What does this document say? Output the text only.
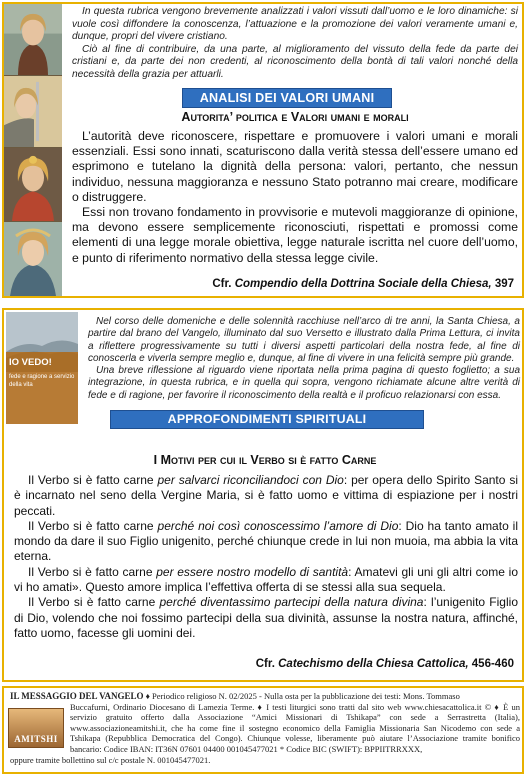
In questa rubrica vengono brevemente analizzati i valori vissuti dall’uomo e le loro dinamiche: si vuole così diffondere la conoscenza, l’attuazione e la promozione dei valori veramente umani e, dunque, propri del vivere cristiano.

Ciò al fine di contribuire, da una parte, al miglioramento del vissuto della fede da parte dei cristiani e, da parte dei non credenti, al riconoscimento della bontà di tali valori nonché della necessità della grazia per attuarli.

ANALISI DEI VALORI UMANI
Autorita’ politica e Valori umani e morali

L’autorità deve riconoscere, rispettare e promuovere i valori umani e morali essenziali. Essi sono innati, scaturiscono dalla verità stessa dell’essere umano ed esprimono e tutelano la dignità della persona: valori, pertanto, che nessun individuo, nessuna maggioranza e nessuno Stato potranno mai creare, modificare o distruggere.

Essi non trovano fondamento in provvisorie e mutevoli maggioranze di opinione, ma devono essere semplicemente riconosciuti, rispettati e promossi come elementi di una legge morale obiettiva, legge naturale iscritta nel cuore dell’uomo, e punto di riferimento normativo della stessa legge civile.

Cfr. Compendio della Dottrina Sociale della Chiesa, 397
IO VEDO!
fede e ragione a servizio della vita

Nel corso delle domeniche e delle solennità racchiuse nell’arco di tre anni, la Santa Chiesa, a partire dal brano del Vangelo, illuminato dal suo Versetto e illustrato dalla Prima Lettura, ci invita a riflettere progressivamente su tutti i diversi aspetti particolari della nostra fede, al fine di conoscerla e viverla sempre meglio e, dunque, al fine di vivere in una felicità sempre più grande.

Una breve riflessione al riguardo viene riportata nella prima pagina di questo foglietto; a sua integrazione, in questa rubrica, e in quella qui sopra, vengono richiamate alcune altre verità di fede e di ragione, per favorire il riconoscimento della realtà e il proficuo relazionarsi con essa.

APPROFONDIMENTI SPIRITUALI
I Motivi per cui il Verbo si è fatto Carne

Il Verbo si è fatto carne per salvarci riconciliandoci con Dio: per opera dello Spirito Santo si è incarnato nel seno della Vergine Maria, si è fatto uomo e vittima di espiazione per i nostri peccati.

Il Verbo si è fatto carne perché noi così conoscessimo l’amore di Dio: Dio ha tanto amato il mondo da dare il suo Figlio unigenito, perché chiunque crede in lui non muoia, ma abbia la vita eterna.

Il Verbo si è fatto carne per essere nostro modello di santità: Amatevi gli uni gli altri come io vi ho amati». Questo amore implica l’effettiva offerta di se stessi alla sua sequela.

Il Verbo si è fatto carne perché diventassimo partecipi della natura divina: l’unigenito Figlio di Dio, volendo che noi fossimo partecipi della sua divinità, assunse la nostra natura, affinché, fatto uomo, facesse gli uomini dei.

Cfr. Catechismo della Chiesa Cattolica, 456-460
AMITSHI
IL MESSAGGIO DEL VANGELO ♦ Periodico religioso N. 02/2025 - Nulla osta per la pubblicazione dei testi: Mons. Tommaso
Buccafurni, Ordinario Diocesano di Lamezia Terme. ♦ I testi liturgici sono tratti dal sito web www.chiesacattolica.it © ♦ È un servizio gratuito offerto dalla Associazione “Amici Missionari di Tshikapa” con sede a Serrastretta (Italia), www.associazioneamitshi.it, che ha come fine il sostegno economico della Famiglia Missionaria San Nicodemo con sede a Tshikapa (Repubblica Democratica del Congo). Chiunque volesse, liberamente può aiutare l’Associazione tramite bonifico bancario: Codice IBAN: IT36N 07601 04400 001045477021 * Codice BIC (SWIFT): BPPIITRRXXX,
oppure tramite bollettino sul c/c postale N. 001045477021.
